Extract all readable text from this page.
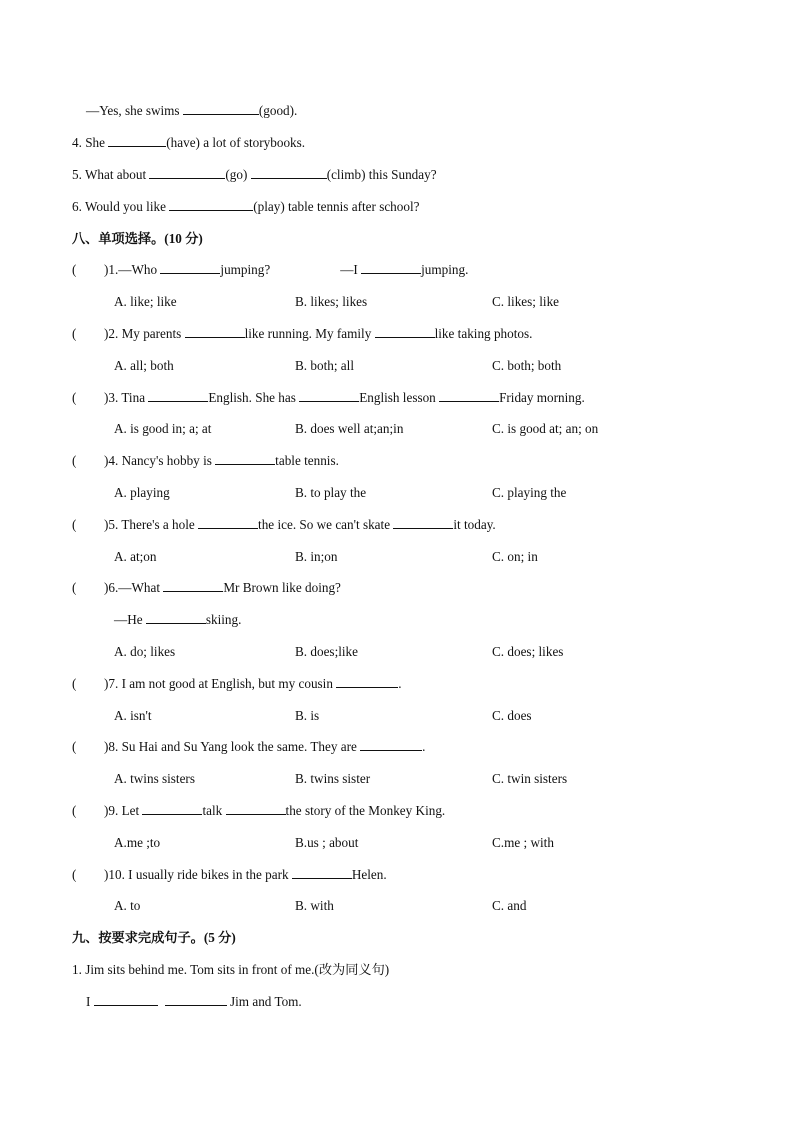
—Yes, she swims	(good).
4. She	(have) a lot of storybooks.
5. What about	(go)	(climb) this Sunday?
6. Would you like	(play) table tennis after school?
八、单项选择。(10 分)
( )1.—Who	jumping?	—I	jumping.
A. like; like	B. likes; likes	C. likes; like
( )2. My parents	like running. My family	like taking photos.
A. all; both	B. both; all	C. both; both
( )3. Tina	English. She has	English lesson	Friday morning.
A. is good in; a; at	B. does well at;an;in	C. is good at; an; on
( )4. Nancy's hobby is	table tennis.
A. playing	B. to play the	C. playing the
( )5. There's a hole	the ice. So we can't skate	it today.
A. at;on	B. in;on	C. on; in
( )6.—What	Mr Brown like doing?
—He	skiing.
A. do; likes	B. does;like	C. does; likes
( )7. I am not good at English, but my cousin	.
A. isn't	B. is	C. does
( )8. Su Hai and Su Yang look the same. They are	.
A. twins sisters	B. twins sister	C. twin sisters
( )9. Let	talk	the story of the Monkey King.
A.me ;to	B.us ; about	C.me ; with
( )10. I usually ride bikes in the park	Helen.
A. to	B. with	C. and
九、按要求完成句子。(5 分)
1. Jim sits behind me. Tom sits in front of me.(改为同义句)
I	Jim and Tom.
